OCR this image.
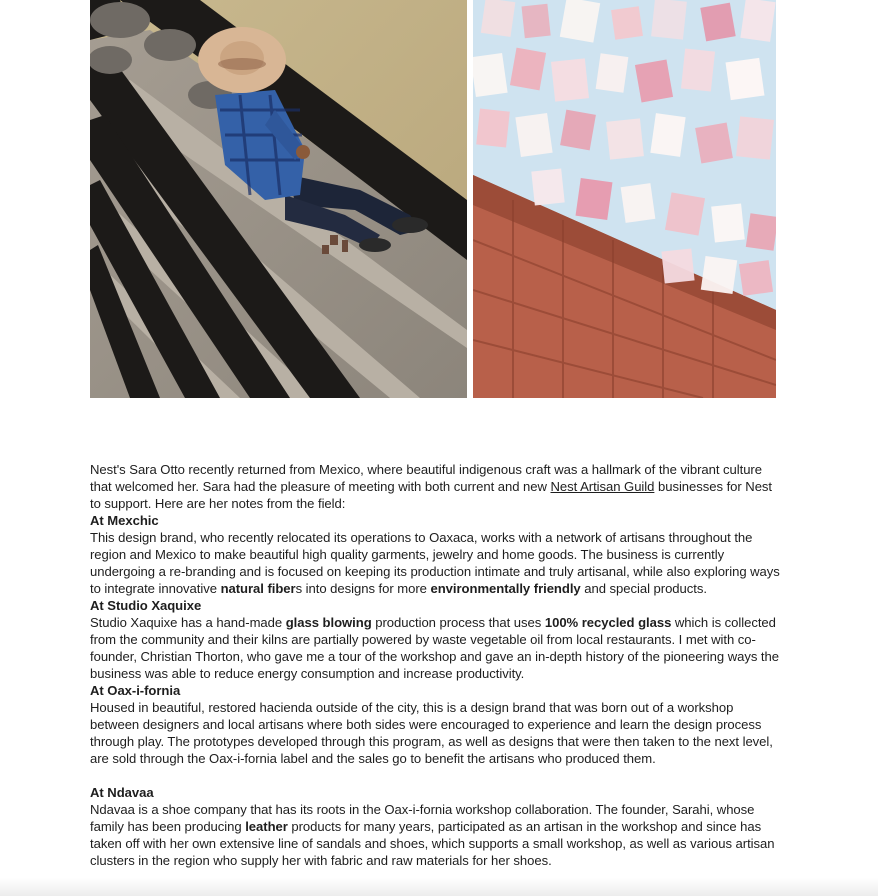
Nest's Sara Otto recently returned from Mexico, where beautiful indigenous craft was a hallmark of the vibrant culture that welcomed her. Sara had the pleasure of meeting with both current and new Nest Artisan Guild businesses for Nest to support. Here are her notes from the field:

At Mexchic

This design brand, who recently relocated its operations to Oaxaca, works with a network of artisans throughout the region and Mexico to make beautiful high quality garments, jewelry and home goods. The business is currently undergoing a re-branding and is focused on keeping its production intimate and truly artisanal, while also exploring ways to integrate innovative natural fibers into designs for more environmentally friendly and special products.

At Studio Xaquixe

Studio Xaquixe has a hand-made glass blowing production process that uses 100% recycled glass which is collected from the community and their kilns are partially powered by waste vegetable oil from local restaurants. I met with co-founder, Christian Thorton, who gave me a tour of the workshop and gave an in-depth history of the pioneering ways the business was able to reduce energy consumption and increase productivity.

At Oax-i-fornia

Housed in beautiful, restored hacienda outside of the city, this is a design brand that was born out of a workshop between designers and local artisans where both sides were encouraged to experience and learn the design process through play. The prototypes developed through this program, as well as designs that were then taken to the next level, are sold through the Oax-i-fornia label and the sales go to benefit the artisans who produced them.

At Ndavaa

Ndavaa is a shoe company that has its roots in the Oax-i-fornia workshop collaboration. The founder, Sarahi, whose family has been producing leather products for many years, participated as an artisan in the workshop and since has taken off with her own extensive line of sandals and shoes, which supports a small workshop, as well as various artisan clusters in the region who supply her with fabric and raw materials for her shoes.
